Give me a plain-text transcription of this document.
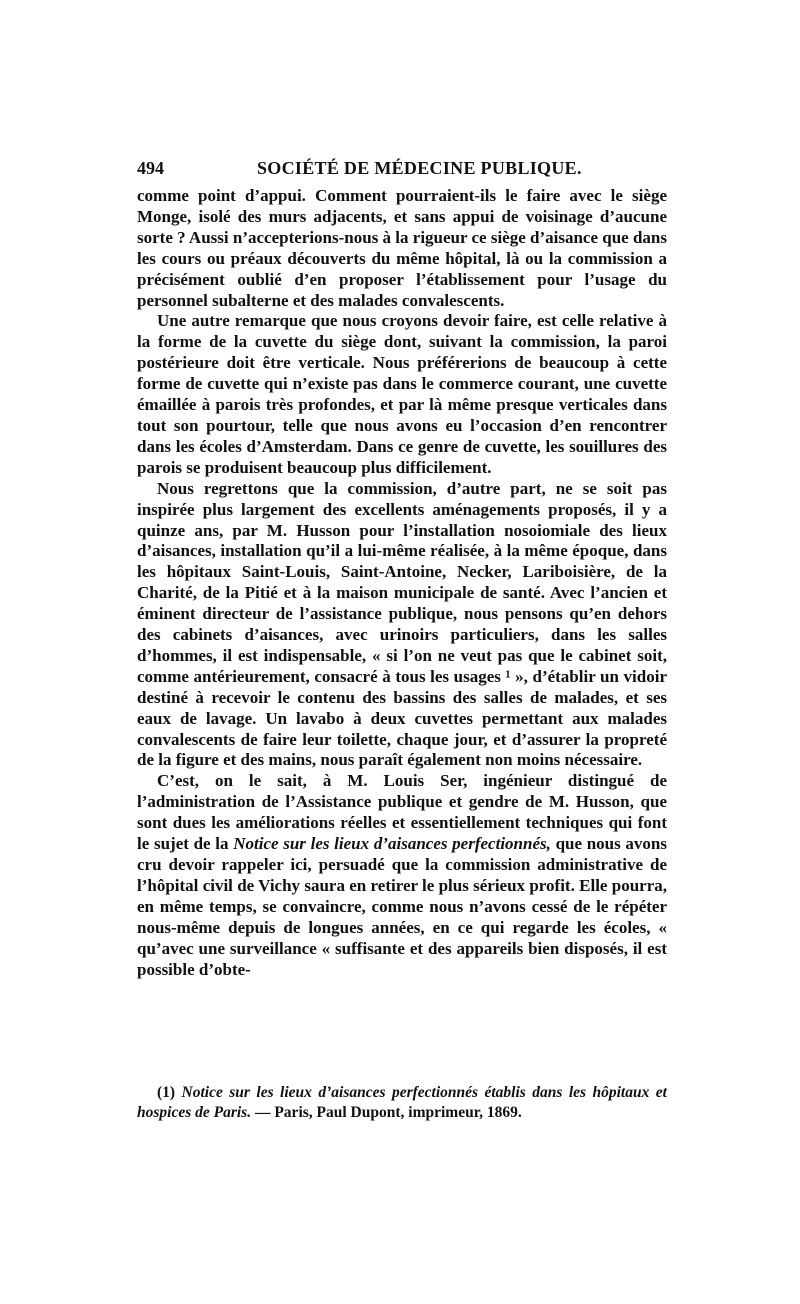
494	SOCIÉTÉ DE MÉDECINE PUBLIQUE.

comme point d’appui. Comment pourraient-ils le faire avec le siège Monge, isolé des murs adjacents, et sans appui de voisinage d’aucune sorte ? Aussi n’accepterions-nous à la rigueur ce siège d’aisance que dans les cours ou préaux découverts du même hôpital, là ou la commission a précisément oublié d’en proposer l’établissement pour l’usage du personnel subalterne et des malades convalescents.

Une autre remarque que nous croyons devoir faire, est celle relative à la forme de la cuvette du siège dont, suivant la commission, la paroi postérieure doit être verticale. Nous préférerions de beaucoup à cette forme de cuvette qui n’existe pas dans le commerce courant, une cuvette émaillée à parois très profondes, et par là même presque verticales dans tout son pourtour, telle que nous avons eu l’occasion d’en rencontrer dans les écoles d’Amsterdam. Dans ce genre de cuvette, les souillures des parois se produisent beaucoup plus difficilement.

Nous regrettons que la commission, d’autre part, ne se soit pas inspirée plus largement des excellents aménagements proposés, il y a quinze ans, par M. Husson pour l’installation nosoiomiale des lieux d’aisances, installation qu’il a lui-même réalisée, à la même époque, dans les hôpitaux Saint-Louis, Saint-Antoine, Necker, Lariboisière, de la Charité, de la Pitié et à la maison municipale de santé. Avec l’ancien et éminent directeur de l’assistance publique, nous pensons qu’en dehors des cabinets d’aisances, avec urinoirs particuliers, dans les salles d’hommes, il est indispensable, « si l’on ne veut pas que le cabinet soit, comme antérieurement, consacré à tous les usages ¹ », d’établir un vidoir destiné à recevoir le contenu des bassins des salles de malades, et ses eaux de lavage. Un lavabo à deux cuvettes permettant aux malades convalescents de faire leur toilette, chaque jour, et d’assurer la propreté de la figure et des mains, nous paraît également non moins nécessaire.

C’est, on le sait, à M. Louis Ser, ingénieur distingué de l’administration de l’Assistance publique et gendre de M. Husson, que sont dues les améliorations réelles et essentiellement techniques qui font le sujet de la Notice sur les lieux d’aisances perfectionnés, que nous avons cru devoir rappeler ici, persuadé que la commission administrative de l’hôpital civil de Vichy saura en retirer le plus sérieux profit. Elle pourra, en même temps, se convaincre, comme nous n’avons cessé de le répéter nous-même depuis de longues années, en ce qui regarde les écoles, « qu’avec une surveillance « suffisante et des appareils bien disposés, il est possible d’obte-

(1) Notice sur les lieux d’aisances perfectionnés établis dans les hôpitaux et hospices de Paris. — Paris, Paul Dupont, imprimeur, 1869.
